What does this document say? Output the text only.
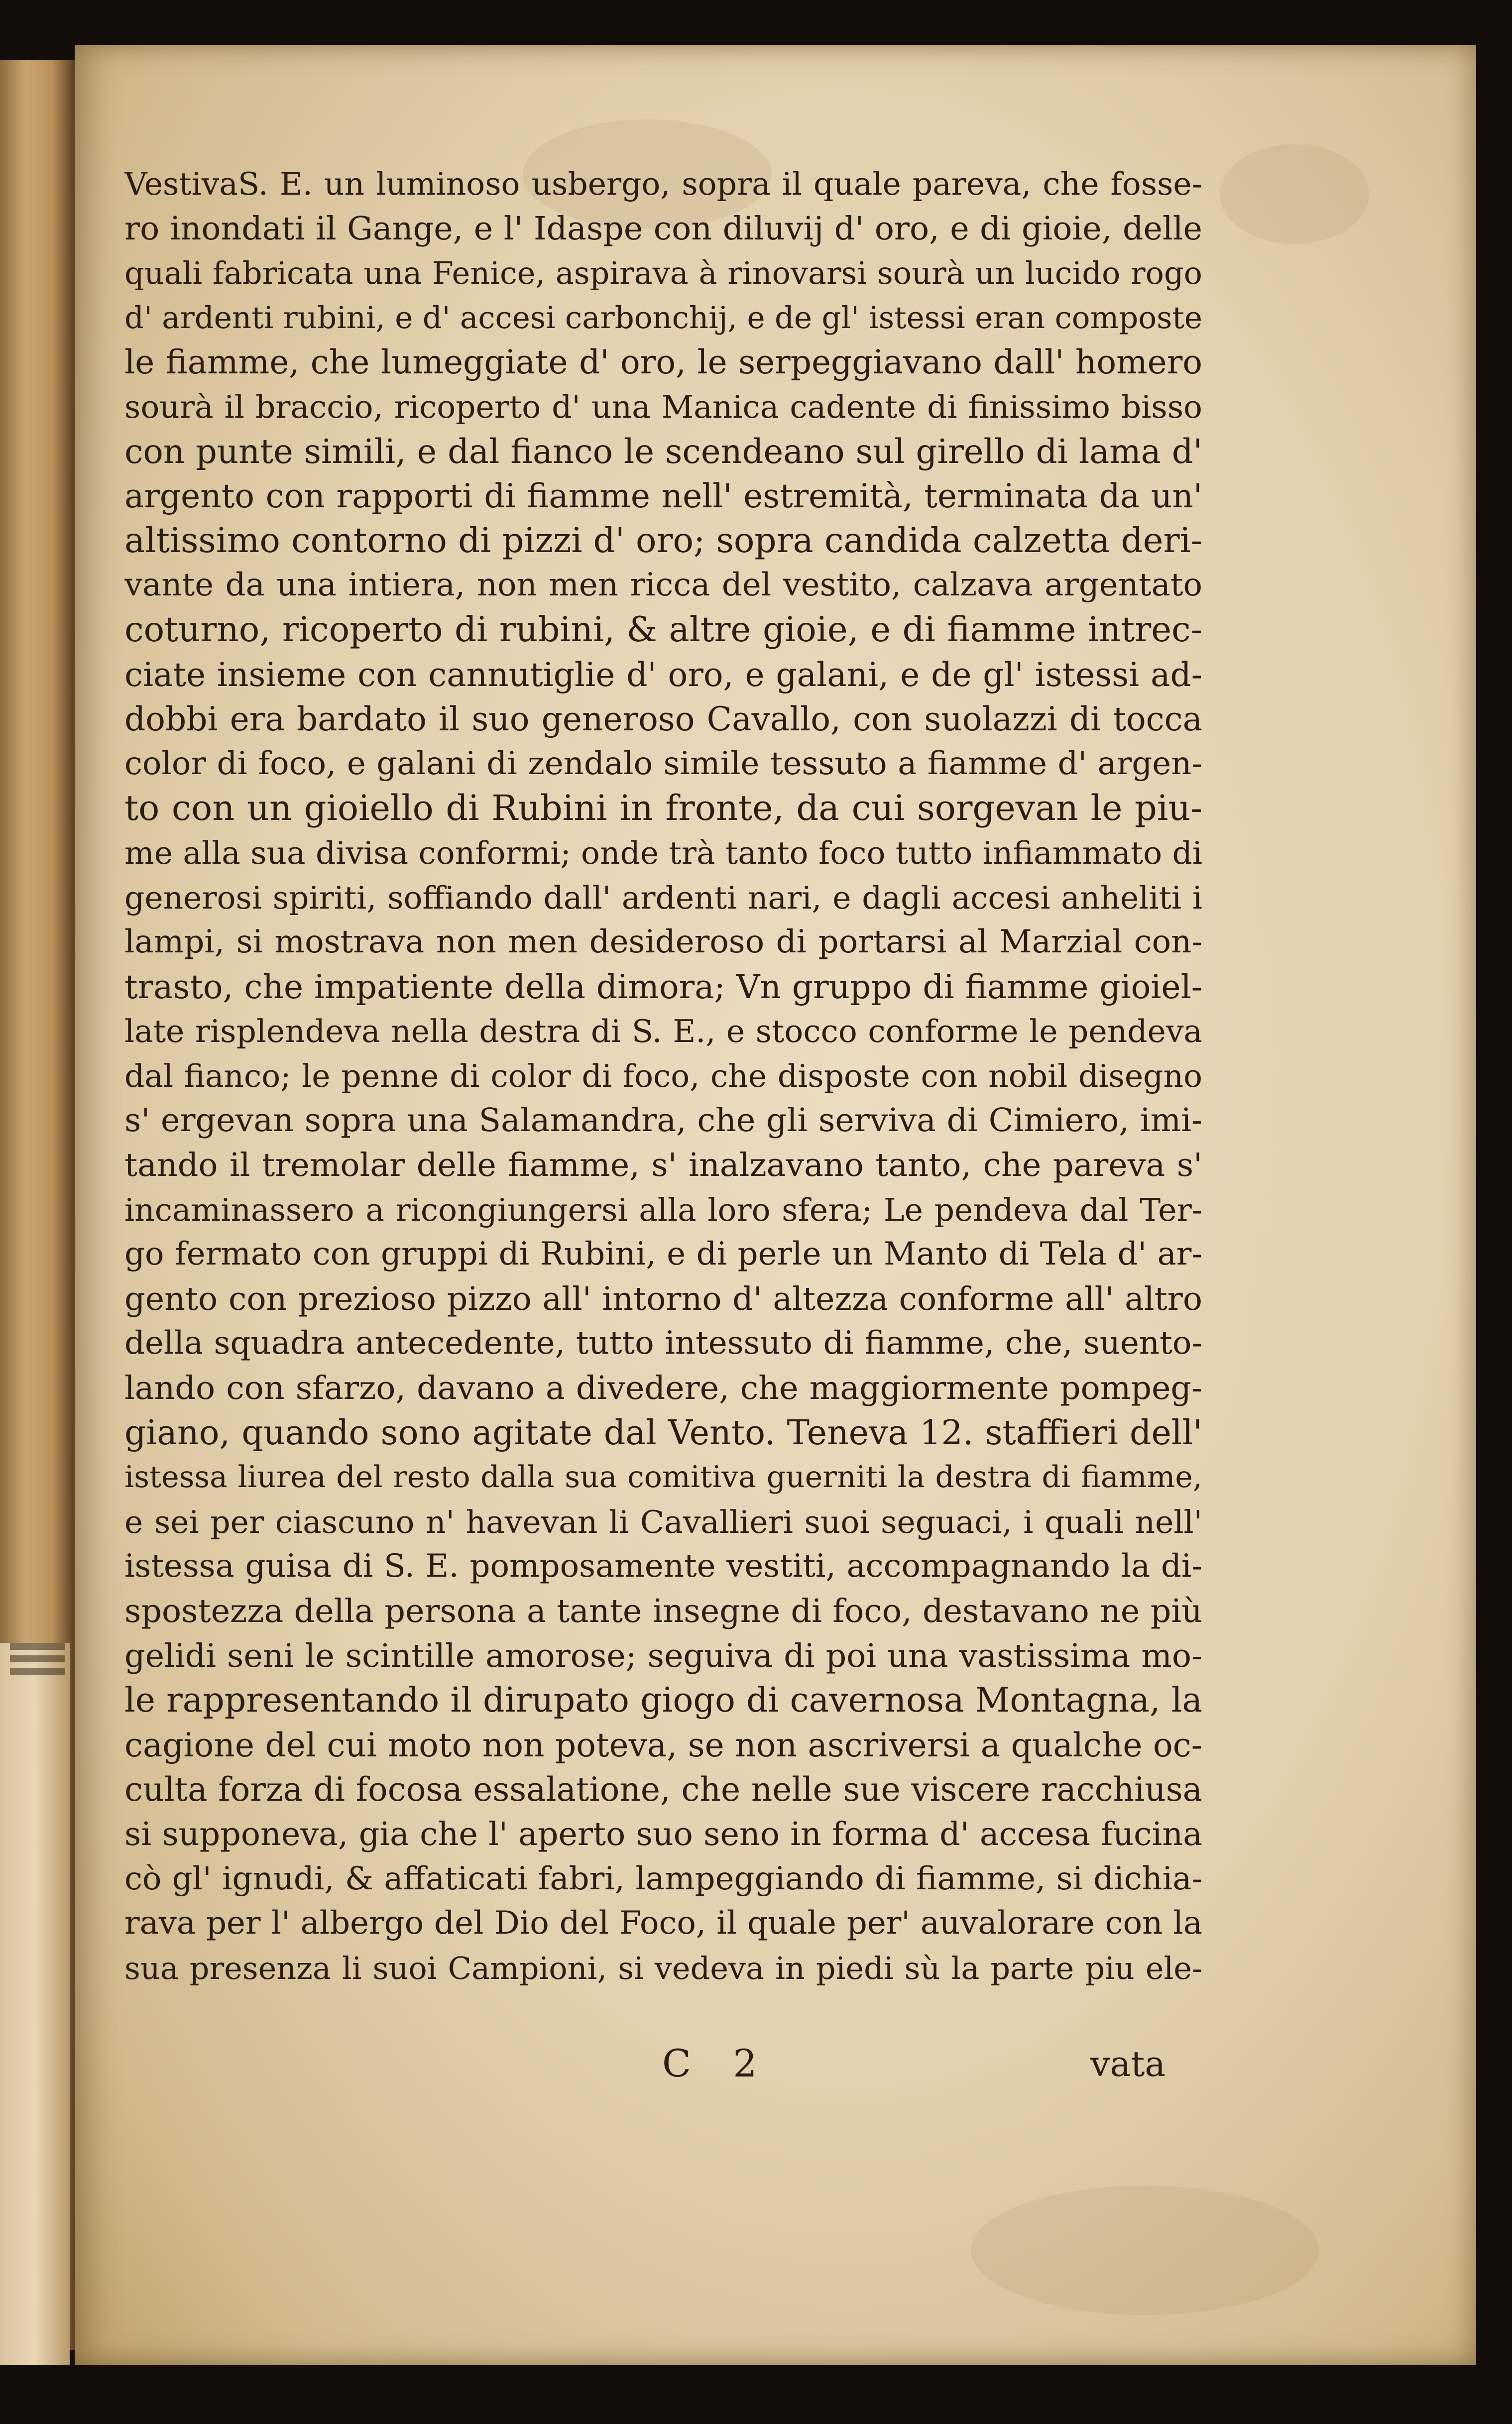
VestivaS. E. un luminoso usbergo, sopra il quale pareva, che fosse-
ro inondati il Gange, e l' Idaspe con diluvij d' oro, e di gioie, delle
quali fabricata una Fenice, aspirava à rinovarsi sourà un lucido rogo
d' ardenti rubini, e d' accesi carbonchij, e de gl' istessi eran composte
le fiamme, che lumeggiate d' oro, le serpeggiavano dall' homero
sourà il braccio, ricoperto d' una Manica cadente di finissimo bisso
con punte simili, e dal fianco le scendeano sul girello di lama d'
argento con rapporti di fiamme nell' estremità, terminata da un'
altissimo contorno di pizzi d' oro; sopra candida calzetta deri-
vante da una intiera, non men ricca del vestito, calzava argentato
coturno, ricoperto di rubini, & altre gioie, e di fiamme intrec-
ciate insieme con cannutiglie d' oro, e galani, e de gl' istessi ad-
dobbi era bardato il suo generoso Cavallo, con suolazzi di tocca
color di foco, e galani di zendalo simile tessuto a fiamme d' argen-
to con un gioiello di Rubini in fronte, da cui sorgevan le piu-
me alla sua divisa conformi; onde trà tanto foco tutto infiammato di
generosi spiriti, soffiando dall' ardenti nari, e dagli accesi anheliti i
lampi, si mostrava non men desideroso di portarsi al Marzial con-
trasto, che impatiente della dimora; Vn gruppo di fiamme gioiel-
late risplendeva nella destra di S. E., e stocco conforme le pendeva
dal fianco; le penne di color di foco, che disposte con nobil disegno
s' ergevan sopra una Salamandra, che gli serviva di Cimiero, imi-
tando il tremolar delle fiamme, s' inalzavano tanto, che pareva s'
incaminassero a ricongiungersi alla loro sfera; Le pendeva dal Ter-
go fermato con gruppi di Rubini, e di perle un Manto di Tela d' ar-
gento con prezioso pizzo all' intorno d' altezza conforme all' altro
della squadra antecedente, tutto intessuto di fiamme, che, suento-
lando con sfarzo, davano a divedere, che maggiormente pompeg-
giano, quando sono agitate dal Vento. Teneva 12. staffieri dell'
istessa liurea del resto dalla sua comitiva guerniti la destra di fiamme,
e sei per ciascuno n' havevan li Cavallieri suoi seguaci, i quali nell'
istessa guisa di S. E. pomposamente vestiti, accompagnando la di-
spostezza della persona a tante insegne di foco, destavano ne più
gelidi seni le scintille amorose; seguiva di poi una vastissima mo-
le rappresentando il dirupato giogo di cavernosa Montagna, la
cagione del cui moto non poteva, se non ascriversi a qualche oc-
culta forza di focosa essalatione, che nelle sue viscere racchiusa
si supponeva, gia che l' aperto suo seno in forma d' accesa fucina
cò gl' ignudi, & affaticati fabri, lampeggiando di fiamme, si dichia-
rava per l' albergo del Dio del Foco, il quale per' auvalorare con la
sua presenza li suoi Campioni, si vedeva in piedi sù la parte piu ele-
C 2	vata
